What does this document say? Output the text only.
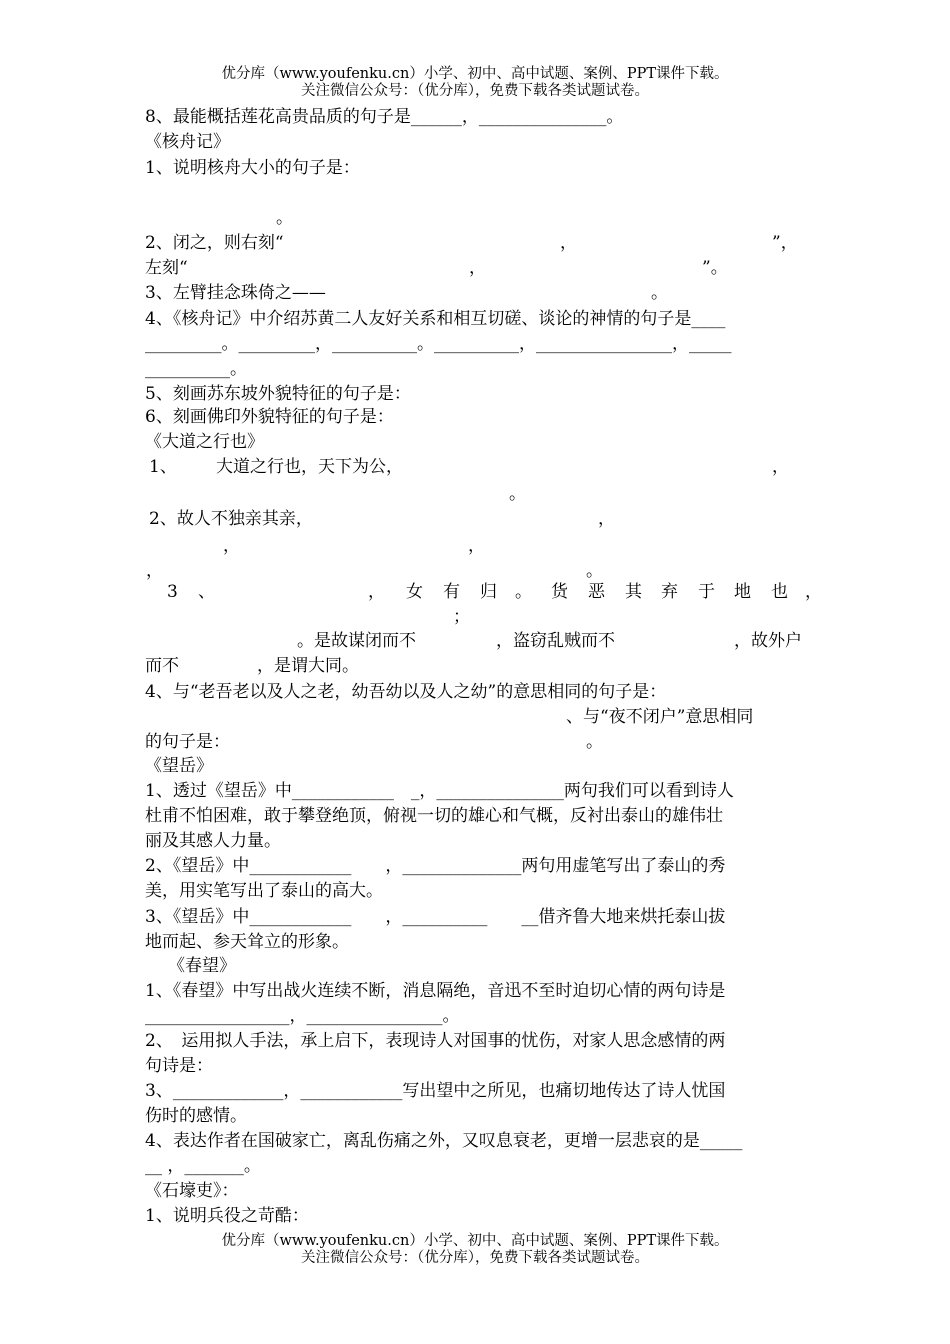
优分库（www.youfenku.cn）小学、初中、高中试题、案例、PPT课件下载。
关注微信公众号：（优分库），免费下载各类试题试卷。
8、最能概括莲花高贵品质的句子是______，_______________。
《核舟记》
1、说明核舟大小的句子是：
。
2、闭之，则右刻“	，	”，
左刻“	，	”。
3、左臂挂念珠倚之——	。
4、《核舟记》中介绍苏黄二人友好关系和相互切磋、谈论的神情的句子是____
_________。_________，__________。__________，________________，_____
__________。
5、刻画苏东坡外貌特征的句子是：
6、刻画佛印外貌特征的句子是：
《大道之行也》
1、 大道之行也，天下为公，	，
。
2、故人不独亲其亲，	，
，	，
，	。
3 、	， 女 有 归 。 货 恶 其 弃 于 地 也 ，
；
。是故谋闭而不	，盗窃乱贼而不	，故外户
而不	，是谓大同。
4、与“老吾老以及人之老，幼吾幼以及人之幼”的意思相同的句子是：
、与“夜不闭户”意思相同
的句子是：	。
《望岳》
1、透过《望岳》中____________　_，_______________两句我们可以看到诗人
杜甫不怕困难，敢于攀登绝顶，俯视一切的雄心和气概，反衬出泰山的雄伟壮
丽及其感人力量。
2、《望岳》中____________　　，______________两句用虚笔写出了泰山的秀
美，用实笔写出了泰山的高大。
3、《望岳》中____________　　，__________　　__借齐鲁大地来烘托泰山拔
地而起、参天耸立的形象。
《春望》
1、《春望》中写出战火连续不断，消息隔绝，音迅不至时迫切心情的两句诗是
_________________，________________。
2、　运用拟人手法，承上启下，表现诗人对国事的忧伤，对家人思念感情的两
句诗是：
3、_____________，____________写出望中之所见，也痛切地传达了诗人忧国
伤时的感情。
4、表达作者在国破家亡，离乱伤痛之外，又叹息衰老，更增一层悲哀的是_____
__ ，_______。
《石壕吏》：
1、说明兵役之苛酷：
优分库（www.youfenku.cn）小学、初中、高中试题、案例、PPT课件下载。
关注微信公众号：（优分库），免费下载各类试题试卷。
